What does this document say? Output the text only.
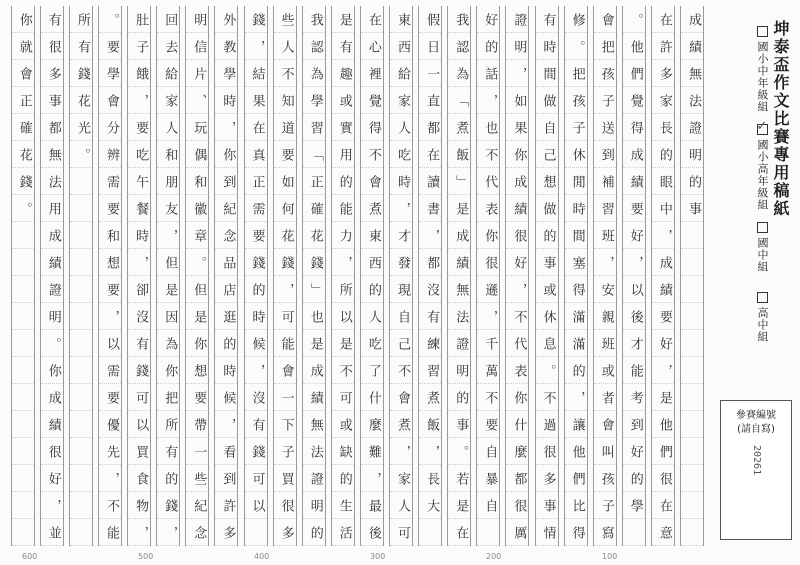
成績無法證明的事
在許多家長的眼中，成績要好，是他們很在意
。他們覺得成績要好，以後才能考到好的學
會把孩子送到補習班，安親班或者會叫孩子寫
修。把孩子休閒時間塞得滿滿的，讓他們比得
有時間做自己想做的事或休息。不過很多事情
證明，如果你成績很好，不代表你什麼都很厲
好的話，也不代表你很遜，千萬不要自暴自
我認為「煮飯」是成績無法證明的事。若是在
假日一直都在讀書，都沒有練習煮飯，長大
東西給家人吃時，才發現自己不會煮，家人可
在心裡覺得不會煮東西的人吃了什麼難，最後
是有趣或實用的能力，所以是不可或缺的生活
我認為學習「正確花錢」也是成績無法證明的
些人不知道要如何花錢，可能會一下子買很多
錢，結果在真正需要錢的時候，沒有錢可以
外教學時，你到紀念品店逛的時候，看到許多
明信片、玩偶和徽章。但是你想要帶一些紀念
回去給家人和朋友，但是因為你把所有的錢，
肚子餓，要吃午餐時，卻沒有錢可以買食物，
。要學會分辨需要和想要，以需要優先，不能
所有錢花光。
有很多事都無法用成績證明。你成績很好，並
你就會正確花錢。	坤泰盃作文比賽專用稿紙
國小中年級組
✓
國小高年級組
國中組
高中組
參賽編號
(請自寫)
20261
600	500	400	300	200	100
